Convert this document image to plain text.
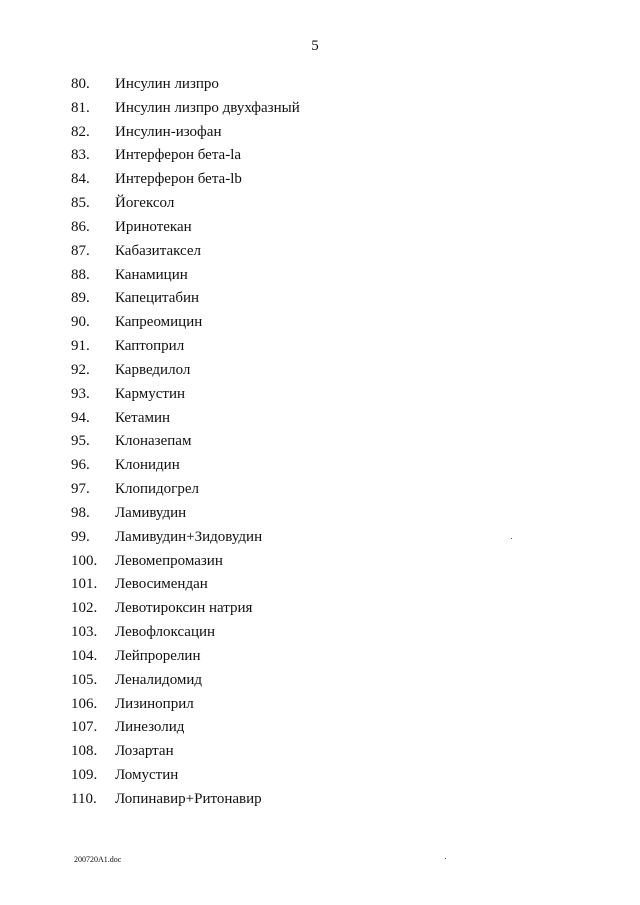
5
80. Инсулин лизпро
81. Инсулин лизпро двухфазный
82. Инсулин-изофан
83. Интерферон бета-la
84. Интерферон бета-lb
85. Йогексол
86. Иринотекан
87. Кабазитаксел
88. Канамицин
89. Капецитабин
90. Капреомицин
91. Каптоприл
92. Карведилол
93. Кармустин
94. Кетамин
95. Клоназепам
96. Клонидин
97. Клопидогрел
98. Ламивудин
99. Ламивудин+Зидовудин
100. Левомепромазин
101. Левосимендан
102. Левотироксин натрия
103. Левофлоксацин
104. Лейпрорелин
105. Леналидомид
106. Лизиноприл
107. Линезолид
108. Лозартан
109. Ломустин
110. Лопинавир+Ритонавир
200720A1.doc
